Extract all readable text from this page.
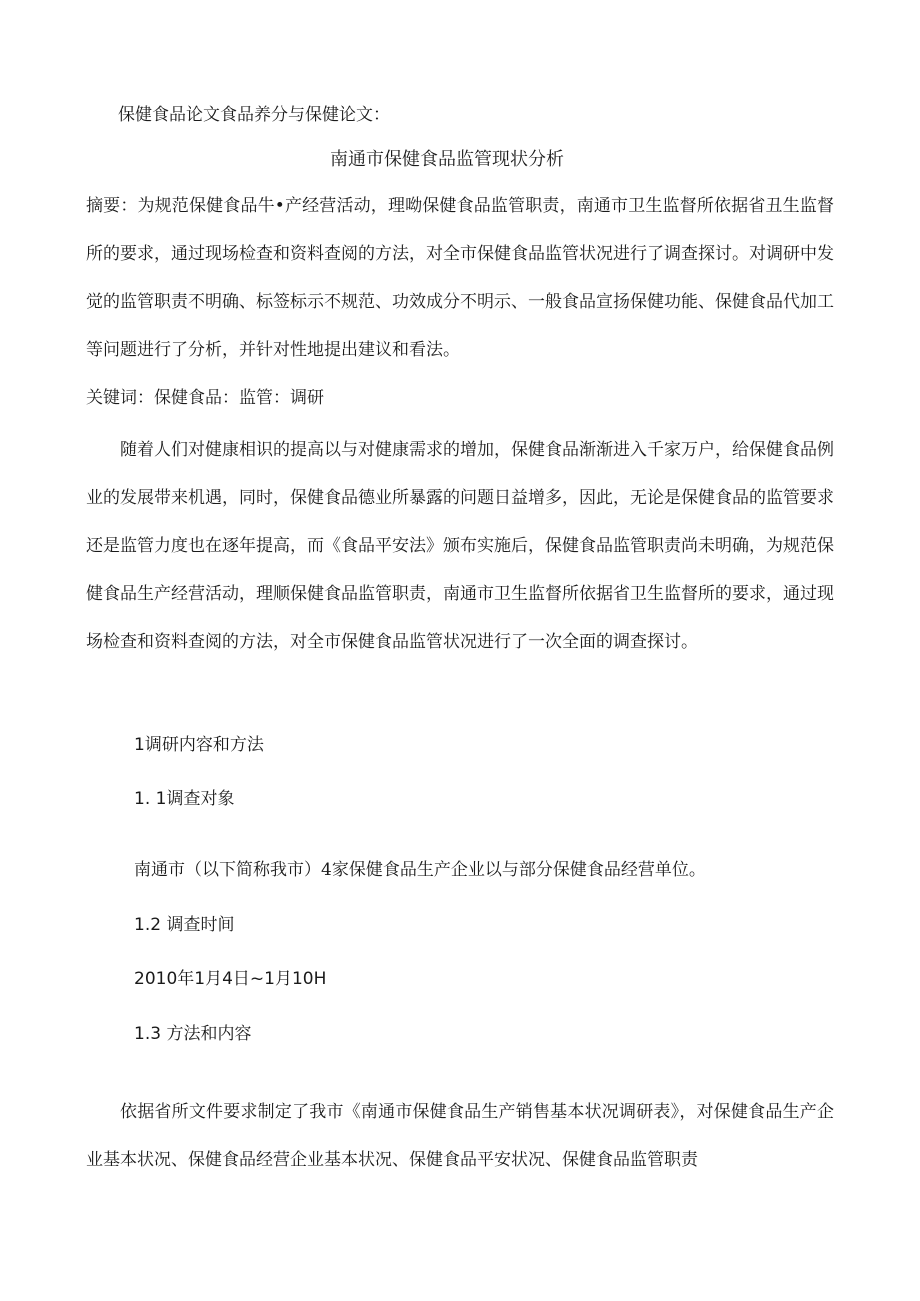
保健食品论文食品养分与保健论文：
南通市保健食品监管现状分析

摘要：为规范保健食品牛•产经营活动，理呦保健食品监管职责，南通市卫生监督所依据省丑生监督所的要求，通过现场检查和资料查阅的方法，对全市保健食品监管状况进行了调查探讨。对调研中发觉的监管职责不明确、标签标示不规范、功效成分不明示、一般食品宣扬保健功能、保健食品代加工等问题进行了分析，并针对性地提出建议和看法。

关键词：保健食品：监管：调研

随着人们对健康相识的提高以与对健康需求的增加，保健食品渐渐进入千家万户，给保健食品例业的发展带来机遇，同时，保健食品德业所暴露的问题日益增多，因此，无论是保健食品的监管要求还是监管力度也在逐年提高，而《食品平安法》颁布实施后，保健食品监管职责尚未明确，为规范保健食品生产经营活动，理顺保健食品监管职责，南通市卫生监督所依据省卫生监督所的要求，通过现场检查和资料查阅的方法，对全市保健食品监管状况进行了一次全面的调查探讨。

1调研内容和方法
1. 1调查对象
南通市（以下简称我市）4家保健食品生产企业以与部分保健食品经营单位。
1.2 调查时间
2010年1月4日~1月10H
1.3 方法和内容

依据省所文件要求制定了我市《南通市保健食品生产销售基本状况调研表》，对保健食品生产企业基本状况、保健食品经营企业基本状况、保健食品平安状况、保健食品监管职责
